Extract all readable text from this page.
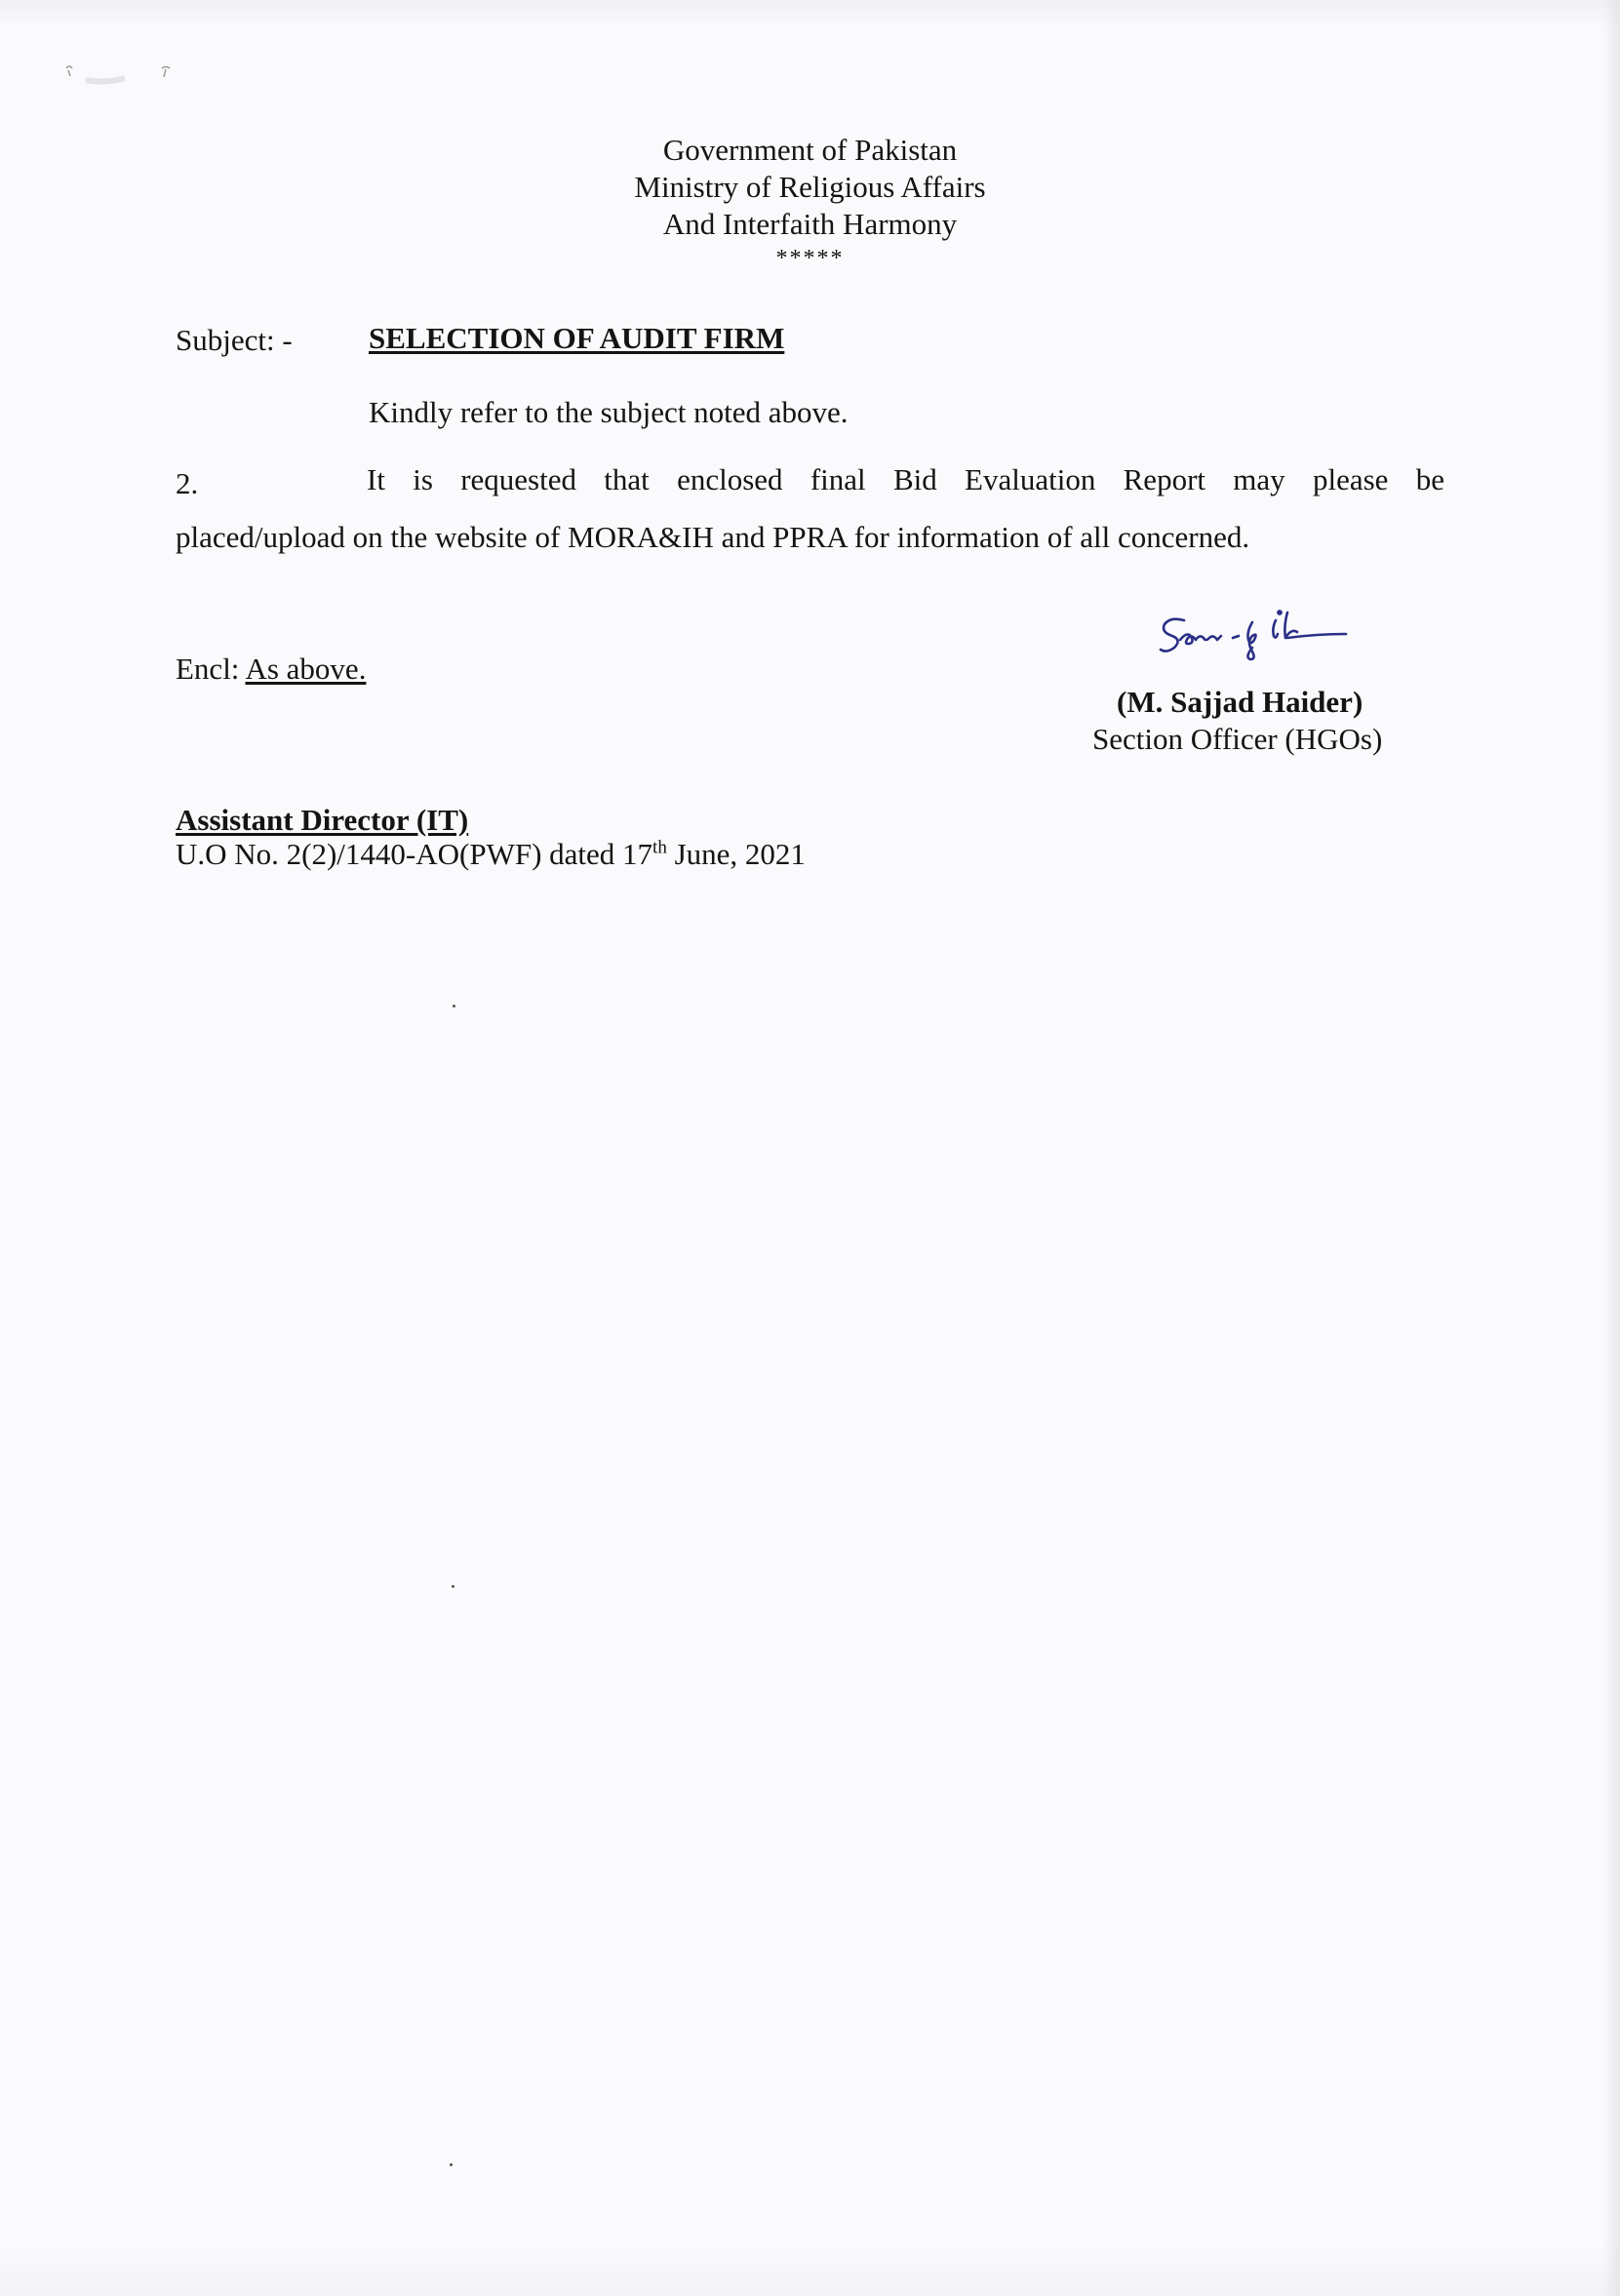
Government of Pakistan
Ministry of Religious Affairs
And Interfaith Harmony
*****
Subject: -	SELECTION OF AUDIT FIRM
Kindly refer to the subject noted above.
2.	It is requested that enclosed final Bid Evaluation Report may please be
placed/upload on the website of MORA&IH and PPRA for information of all concerned.
Encl: As above.
(M. Sajjad Haider)
Section Officer (HGOs)
Assistant Director (IT)
U.O No. 2(2)/1440-AO(PWF) dated 17th June, 2021
